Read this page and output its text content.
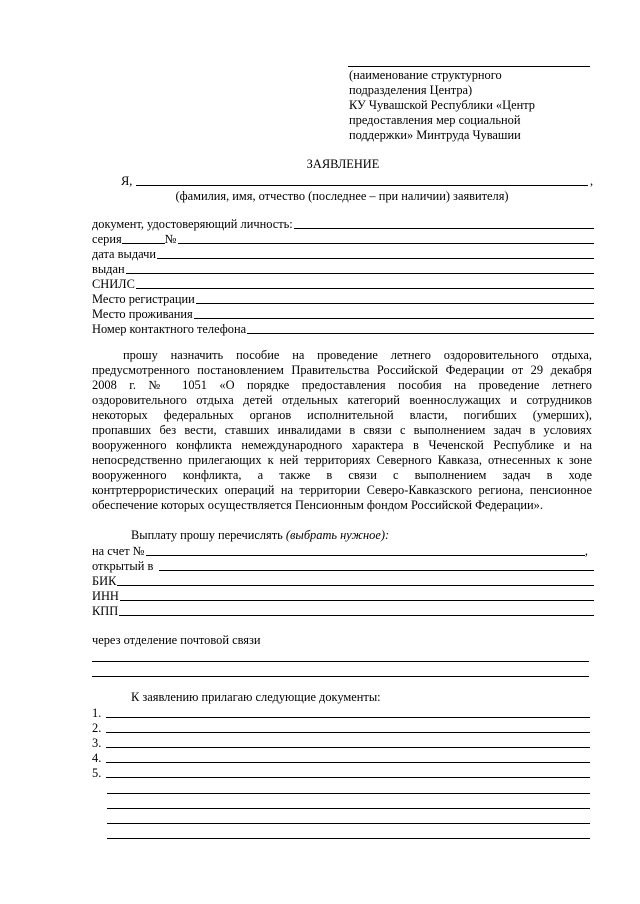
(наименование структурного
подразделения Центра)
КУ Чувашской Республики «Центр
предоставления мер социальной
поддержки» Минтруда Чувашии
ЗАЯВЛЕНИЕ
Я,	,
(фамилия, имя, отчество (последнее – при наличии) заявителя)
документ, удостоверяющий личность:
серия	№
дата выдачи
выдан
СНИЛС
Место регистрации
Место проживания
Номер контактного телефона
прошу назначить пособие на проведение летнего оздоровительного отдыха,
предусмотренного постановлением Правительства Российской Федерации от 29 декабря
2008 г. № 1051 «О порядке предоставления пособия на проведение летнего
оздоровительного отдыха детей отдельных категорий военнослужащих и сотрудников
некоторых федеральных органов исполнительной власти, погибших (умерших),
пропавших без вести, ставших инвалидами в связи с выполнением задач в условиях
вооруженного конфликта немеждународного характера в Чеченской Республике и на
непосредственно прилегающих к ней территориях Северного Кавказа, отнесенных к зоне
вооруженного конфликта, а также в связи с выполнением задач в ходе
контртеррористических операций на территории Северо-Кавказского региона, пенсионное
обеспечение которых осуществляется Пенсионным фондом Российской Федерации».
Выплату прошу перечислять (выбрать нужное):
на счет №	,
открытый в
БИК
ИНН
КПП
через отделение почтовой связи
К заявлению прилагаю следующие документы:
1.
2.
3.
4.
5.
